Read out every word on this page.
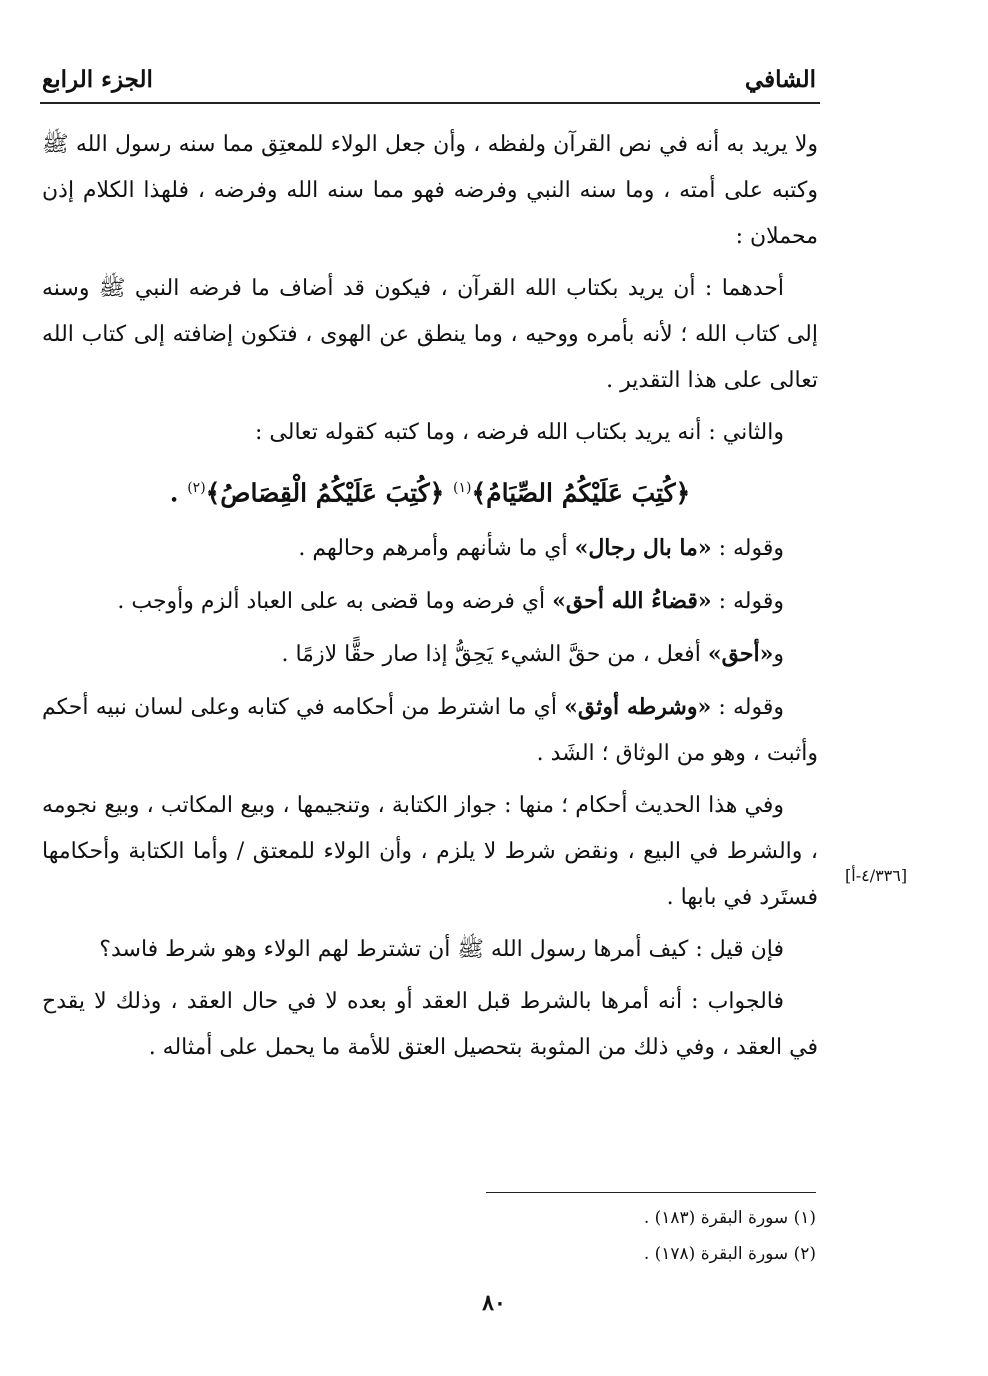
الشافي
الجزء الرابع

ولا يريد به أنه في نص القرآن ولفظه ، وأن جعل الولاء للمعتِق مما سنه رسول الله ﷺ وكتبه على أمته ، وما سنه النبي وفرضه فهو مما سنه الله وفرضه ، فلهذا الكلام إذن محملان :

أحدهما : أن يريد بكتاب الله القرآن ، فيكون قد أضاف ما فرضه النبي ﷺ وسنه إلى كتاب الله ؛ لأنه بأمره ووحيه ، وما ينطق عن الهوى ، فتكون إضافته إلى كتاب الله تعالى على هذا التقدير .

والثاني : أنه يريد بكتاب الله فرضه ، وما كتبه كقوله تعالى :

﴿كُتِبَ عَلَيْكُمُ الصِّيَامُ﴾$^{(١)}$ ﴿كُتِبَ عَلَيْكُمُ الْقِصَاصُ﴾$^{(٢)}$ .

وقوله : «ما بال رجال» أي ما شأنهم وأمرهم وحالهم .

وقوله : «قضاءُ الله أحق» أي فرضه وما قضى به على العباد ألزم وأوجب .

و«أحق» أفعل ، من حقَّ الشيء يَحِقُّ إذا صار حقًّا لازمًا .

وقوله : «وشرطه أوثق» أي ما اشترط من أحكامه في كتابه وعلى لسان نبيه أحكم وأثبت ، وهو من الوثاق ؛ الشَد .

وفي هذا الحديث أحكام ؛ منها : جواز الكتابة ، وتنجيمها ، وبيع المكاتب ، وبيع نجومه ، والشرط في البيع ، ونقض شرط لا يلزم ، وأن الولاء للمعتق / وأما الكتابة وأحكامها فستَرد في بابها .

فإن قيل : كيف أمرها رسول الله ﷺ أن تشترط لهم الولاء وهو شرط فاسد؟

فالجواب : أنه أمرها بالشرط قبل العقد أو بعده لا في حال العقد ، وذلك لا يقدح في العقد ، وفي ذلك من المثوبة بتحصيل العتق للأمة ما يحمل على أمثاله .

[٤/٣٣٦-أ]
(١) سورة البقرة (١٨٣) .
(٢) سورة البقرة (١٧٨) .
٨٠
